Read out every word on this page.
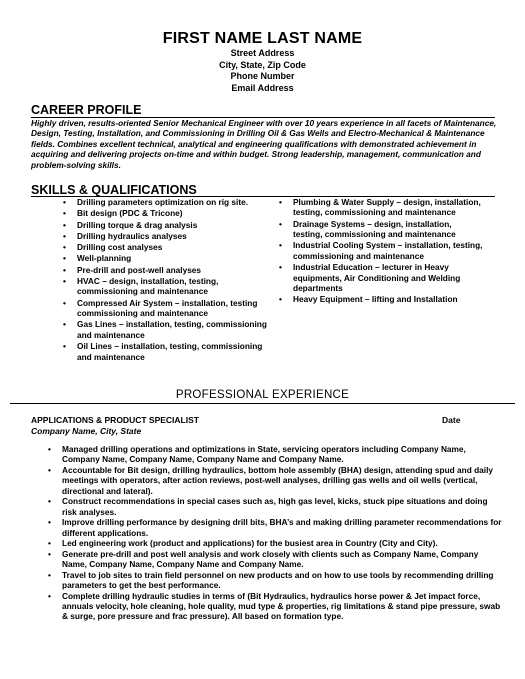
FIRST NAME LAST NAME
Street Address
City, State, Zip Code
Phone Number
Email Address
CAREER PROFILE

Highly driven, results-oriented Senior Mechanical Engineer with over 10 years experience in all facets of Maintenance, Design, Testing, Installation, and Commissioning in Drilling Oil & Gas Wells and Electro-Mechanical & Maintenance fields. Combines excellent technical, analytical and engineering qualifications with demonstrated achievement in acquiring and delivering projects on-time and within budget. Strong leadership, management, communication and problem-solving skills.

SKILLS & QUALIFICATIONS
• Drilling parameters optimization on rig site.
• Bit design (PDC & Tricone)
• Drilling torque & drag analysis
• Drilling hydraulics analyses
• Drilling cost analyses
• Well-planning
• Pre-drill and post-well analyses
• HVAC – design, installation, testing, commissioning and maintenance
• Compressed Air System – installation, testing commissioning and maintenance
• Gas Lines – installation, testing, commissioning and maintenance
• Oil Lines – installation, testing, commissioning and maintenance
• Plumbing & Water Supply – design, installation, testing, commissioning and maintenance
• Drainage Systems – design, installation, testing, commissioning and maintenance
• Industrial Cooling System – installation, testing, commissioning and maintenance
• Industrial Education – lecturer in Heavy equipments, Air Conditioning and Welding departments
• Heavy Equipment – lifting and Installation
PROFESSIONAL EXPERIENCE
APPLICATIONS & PRODUCT SPECIALIST	Date
Company Name, City, State
• Managed drilling operations and optimizations in State, servicing operators including Company Name, Company Name, Company Name, Company Name and Company Name.
• Accountable for Bit design, drilling hydraulics, bottom hole assembly (BHA) design, attending spud and daily meetings with operators, after action reviews, post-well analyses, drilling gas wells and oil wells (vertical, directional and lateral).
• Construct recommendations in special cases such as, high gas level, kicks, stuck pipe situations and doing risk analyses.
• Improve drilling performance by designing drill bits, BHA’s and making drilling parameter recommendations for different applications.
• Led engineering work (product and applications) for the busiest area in Country (City and City).
• Generate pre-drill and post well analysis and work closely with clients such as Company Name, Company Name, Company Name, Company Name and Company Name.
• Travel to job sites to train field personnel on new products and on how to use tools by recommending drilling parameters to get the best performance.
• Complete drilling hydraulic studies in terms of (Bit Hydraulics, hydraulics horse power & Jet impact force, annuals velocity, hole cleaning, hole quality, mud type & properties, rig limitations & stand pipe pressure, swab & surge, pore pressure and frac pressure). All based on formation type.
